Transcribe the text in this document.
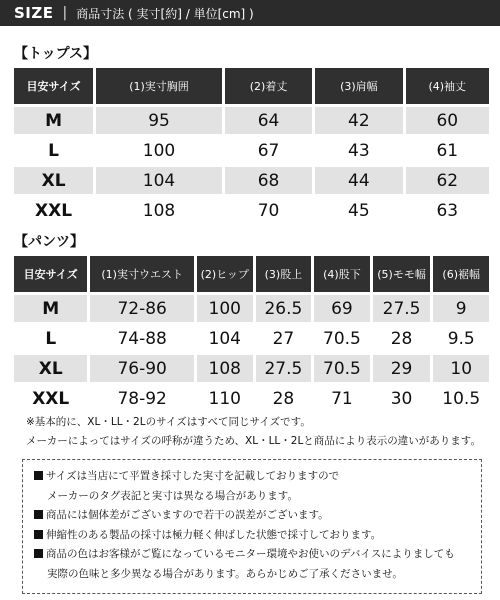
SIZE | 商品寸法 ( 実寸[約] / 単位[cm] )
【トップス】
目安サイズ	(1)実寸胸囲	(2)着丈	(3)肩幅	(4)袖丈
M	95	64	42	60
L	100	67	43	61
XL	104	68	44	62
XXL	108	70	45	63
【パンツ】
目安サイズ	(1)実寸ウエスト	(2)ヒップ	(3)股上	(4)股下	(5)モモ幅	(6)裾幅
M	72-86	100	26.5	69	27.5	9
L	74-88	104	27	70.5	28	9.5
XL	76-90	108	27.5	70.5	29	10
XXL	78-92	110	28	71	30	10.5
※基本的に、XL・LL・2Lのサイズはすべて同じサイズです。
メーカーによってはサイズの呼称が違うため、XL・LL・2Lと商品により表示の違いがあります。
サイズは当店にて平置き採寸した実寸を記載しておりますので
メーカーのタグ表記と実寸は異なる場合があります。
商品には個体差がございますので若干の誤差がございます。
伸縮性のある製品の採寸は極力軽く伸ばした状態で採寸しております。
商品の色はお客様がご覧になっているモニター環境やお使いのデバイスによりましても
実際の色味と多少異なる場合があります。あらかじめご了承くださいませ。
